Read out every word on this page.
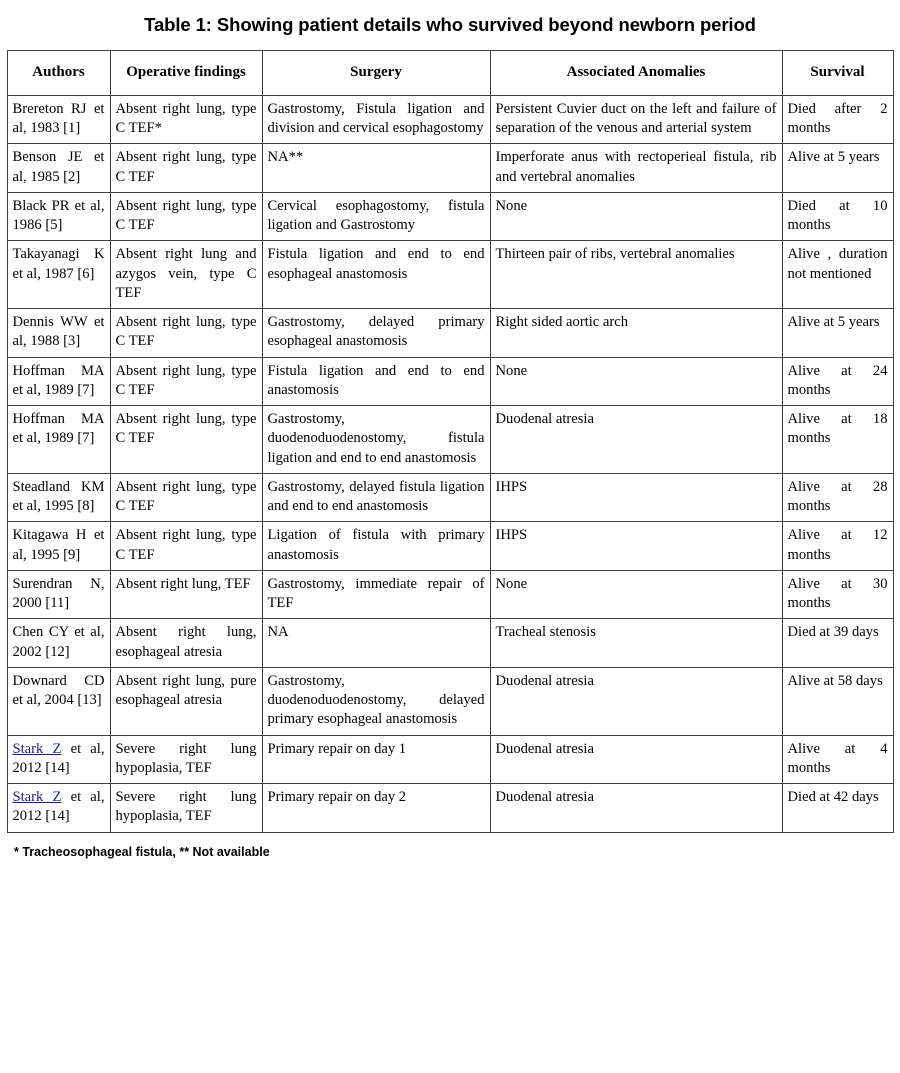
Table 1: Showing patient details who survived beyond newborn period
Authors	Operative findings	Surgery	Associated Anomalies	Survival
Brereton RJ et al, 1983 [1]	Absent right lung, type C TEF*	Gastrostomy, Fistula ligation and division and cervical esophagostomy	Persistent Cuvier duct on the left and failure of separation of the venous and arterial system	Died after 2 months
Benson JE et al, 1985 [2]	Absent right lung, type C TEF	NA**	Imperforate anus with rectoperieal fistula, rib and vertebral anomalies	Alive at 5 years
Black PR et al, 1986 [5]	Absent right lung, type C TEF	Cervical esophagostomy, fistula ligation and Gastrostomy	None	Died at 10 months
Takayanagi K et al, 1987 [6]	Absent right lung and azygos vein, type C TEF	Fistula ligation and end to end esophageal anastomosis	Thirteen pair of ribs, vertebral anomalies	Alive , duration not mentioned
Dennis WW et al, 1988 [3]	Absent right lung, type C TEF	Gastrostomy, delayed primary esophageal anastomosis	Right sided aortic arch	Alive at 5 years
Hoffman MA et al, 1989 [7]	Absent right lung, type C TEF	Fistula ligation and end to end anastomosis	None	Alive at 24 months
Hoffman MA et al, 1989 [7]	Absent right lung, type C TEF	Gastrostomy, duodenoduodenostomy, fistula ligation and end to end anastomosis	Duodenal atresia	Alive at 18 months
Steadland KM et al, 1995 [8]	Absent right lung, type C TEF	Gastrostomy, delayed fistula ligation and end to end anastomosis	IHPS	Alive at 28 months
Kitagawa H et al, 1995 [9]	Absent right lung, type C TEF	Ligation of fistula with primary anastomosis	IHPS	Alive at 12 months
Surendran N, 2000 [11]	Absent right lung, TEF	Gastrostomy, immediate repair of TEF	None	Alive at 30 months
Chen CY et al, 2002 [12]	Absent right lung, esophageal atresia	NA	Tracheal stenosis	Died at 39 days
Downard CD et al, 2004 [13]	Absent right lung, pure esophageal atresia	Gastrostomy, duodenoduodenostomy, delayed primary esophageal anastomosis	Duodenal atresia	Alive at 58 days
Stark Z et al, 2012 [14]	Severe right lung hypoplasia, TEF	Primary repair on day 1	Duodenal atresia	Alive at 4 months
Stark Z et al, 2012 [14]	Severe right lung hypoplasia, TEF	Primary repair on day 2	Duodenal atresia	Died at 42 days
* Tracheosophageal fistula, ** Not available
